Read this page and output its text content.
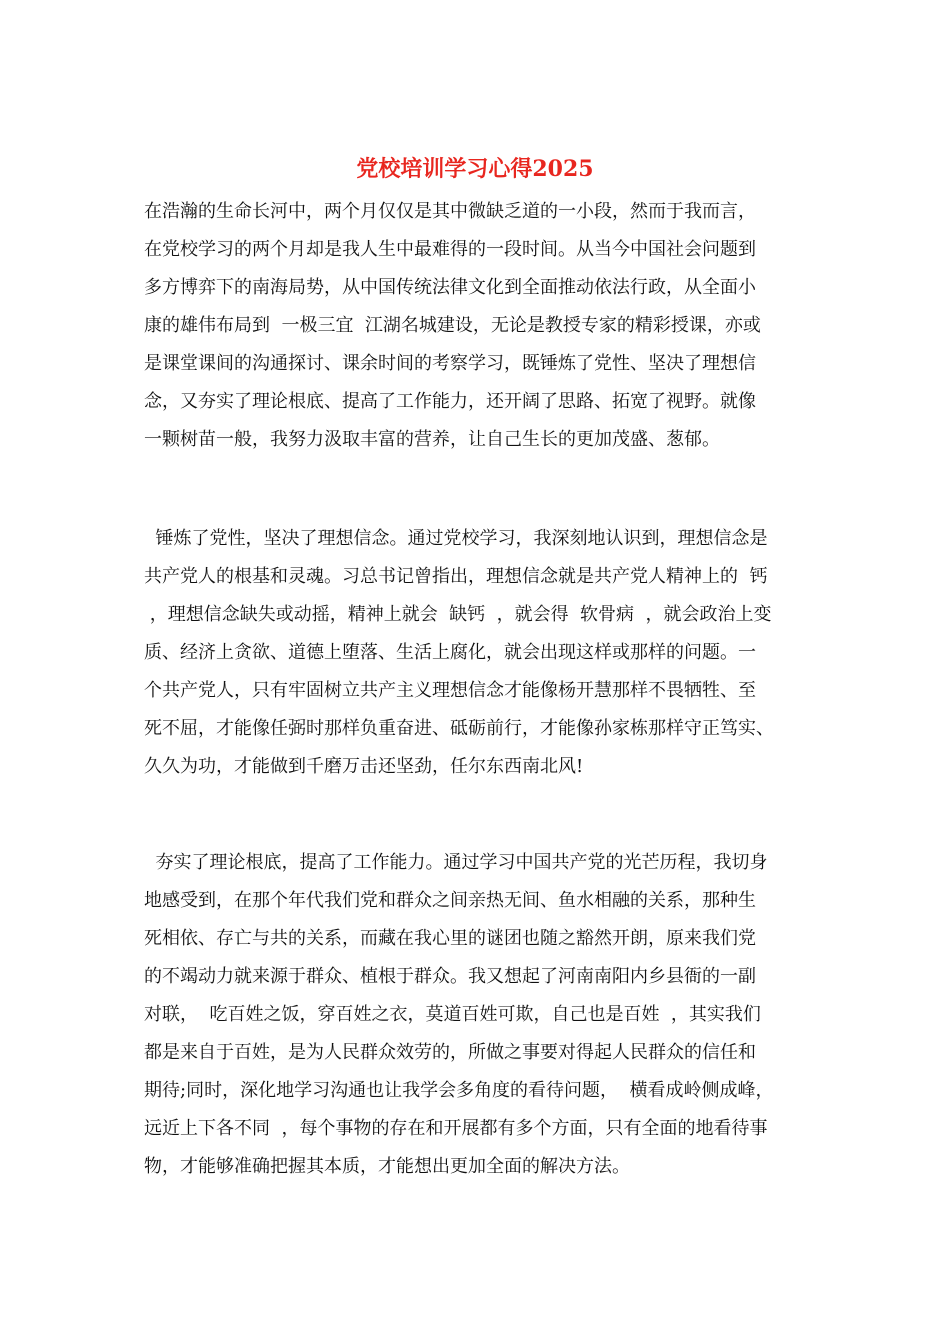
党校培训学习心得2025
在浩瀚的生命长河中，两个月仅仅是其中微缺乏道的一小段，然而于我而言，
在党校学习的两个月却是我人生中最难得的一段时间。从当今中国社会问题到
多方博弈下的南海局势，从中国传统法律文化到全面推动依法行政，从全面小
康的雄伟布局到  一极三宜  江湖名城建设，无论是教授专家的精彩授课，亦或
是课堂课间的沟通探讨、课余时间的考察学习，既锤炼了党性、坚决了理想信
念，又夯实了理论根底、提高了工作能力，还开阔了思路、拓宽了视野。就像
一颗树苗一般，我努力汲取丰富的营养，让自己生长的更加茂盛、葱郁。
锤炼了党性，坚决了理想信念。通过党校学习，我深刻地认识到，理想信念是
共产党人的根基和灵魂。习总书记曾指出，理想信念就是共产党人精神上的  钙
，理想信念缺失或动摇，精神上就会  缺钙  ，就会得  软骨病  ，就会政治上变
质、经济上贪欲、道德上堕落、生活上腐化，就会出现这样或那样的问题。一
个共产党人，只有牢固树立共产主义理想信念才能像杨开慧那样不畏牺牲、至
死不屈，才能像任弼时那样负重奋进、砥砺前行，才能像孙家栋那样守正笃实、
久久为功，才能做到千磨万击还坚劲，任尔东西南北风!
夯实了理论根底，提高了工作能力。通过学习中国共产党的光芒历程，我切身
地感受到，在那个年代我们党和群众之间亲热无间、鱼水相融的关系，那种生
死相依、存亡与共的关系，而藏在我心里的谜团也随之豁然开朗，原来我们党
的不竭动力就来源于群众、植根于群众。我又想起了河南南阳内乡县衙的一副
对联，  吃百姓之饭，穿百姓之衣，莫道百姓可欺，自己也是百姓  ，其实我们
都是来自于百姓，是为人民群众效劳的，所做之事要对得起人民群众的信任和
期待;同时，深化地学习沟通也让我学会多角度的看待问题，  横看成岭侧成峰，
远近上下各不同  ，每个事物的存在和开展都有多个方面，只有全面的地看待事
物，才能够准确把握其本质，才能想出更加全面的解决方法。
